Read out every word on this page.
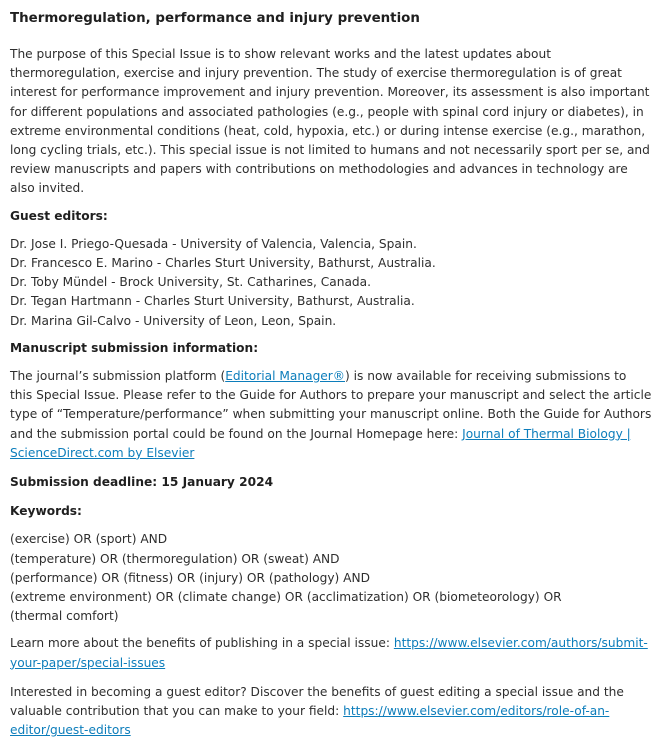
Thermoregulation, performance and injury prevention

The purpose of this Special Issue is to show relevant works and the latest updates about thermoregulation, exercise and injury prevention. The study of exercise thermoregulation is of great interest for performance improvement and injury prevention. Moreover, its assessment is also important for different populations and associated pathologies (e.g., people with spinal cord injury or diabetes), in extreme environmental conditions (heat, cold, hypoxia, etc.) or during intense exercise (e.g., marathon, long cycling trials, etc.). This special issue is not limited to humans and not necessarily sport per se, and review manuscripts and papers with contributions on methodologies and advances in technology are also invited.

Guest editors:

Dr. Jose I. Priego-Quesada - University of Valencia, Valencia, Spain.
Dr. Francesco E. Marino - Charles Sturt University, Bathurst, Australia.
Dr. Toby Mündel - Brock University, St. Catharines, Canada.
Dr. Tegan Hartmann - Charles Sturt University, Bathurst, Australia.
Dr. Marina Gil-Calvo - University of Leon, Leon, Spain.

Manuscript submission information:

The journal’s submission platform (Editorial Manager®) is now available for receiving submissions to this Special Issue. Please refer to the Guide for Authors to prepare your manuscript and select the article type of “Temperature/performance” when submitting your manuscript online. Both the Guide for Authors and the submission portal could be found on the Journal Homepage here: Journal of Thermal Biology | ScienceDirect.com by Elsevier

Submission deadline: 15 January 2024

Keywords:

(exercise) OR (sport) AND
(temperature) OR (thermoregulation) OR (sweat) AND
(performance) OR (fitness) OR (injury) OR (pathology) AND
(extreme environment) OR (climate change) OR (acclimatization) OR (biometeorology) OR
(thermal comfort)

Learn more about the benefits of publishing in a special issue: https://www.elsevier.com/authors/submit-your-paper/special-issues

Interested in becoming a guest editor? Discover the benefits of guest editing a special issue and the valuable contribution that you can make to your field: https://www.elsevier.com/editors/role-of-an-editor/guest-editors
